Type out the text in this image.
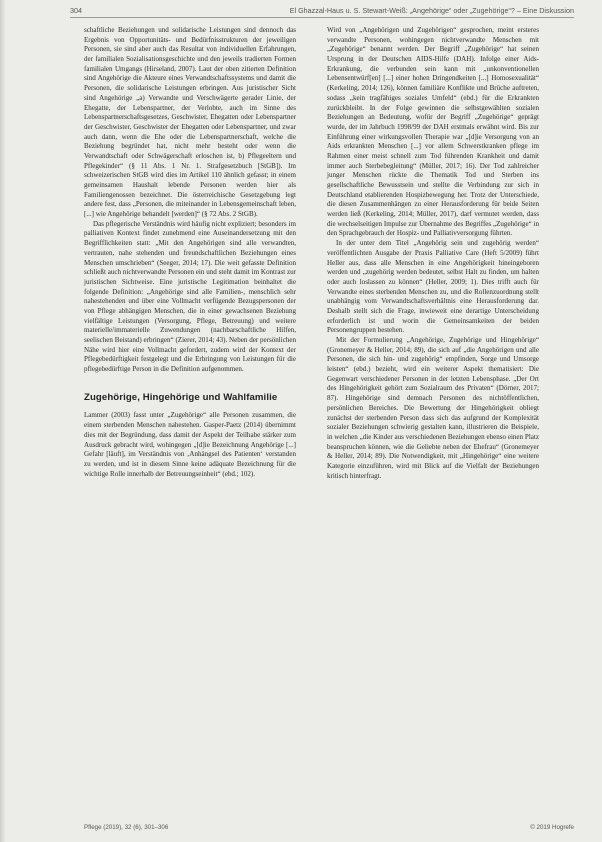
304	El Ghazzal-Haus u. S. Stewart-Weiß: „Angehörige“ oder „Zugehörige“? – Eine Diskussion

schaftliche Beziehungen und solidarische Leistungen sind dennoch das Ergebnis von Opportunitäts- und Bedürfnisstrukturen der jeweiligen Personen, sie sind aber auch das Resultat von individuellen Erfahrungen, der familialen Sozialisationsgeschichte und den jeweils tradierten Formen familialen Umgangs (Hirseland, 2007). Laut der oben zitierten Definition sind Angehörige die Akteure eines Verwandtschaftssystems und damit die Personen, die solidarische Leistungen erbringen. Aus juristischer Sicht sind Angehörige „a) Verwandte und Verschwägerte gerader Linie, der Ehegatte, der Lebenspartner, der Verlobte, auch im Sinne des Lebenspartnerschaftsgesetzes, Geschwister, Ehegatten oder Lebenspartner der Geschwister, Geschwister der Ehegatten oder Lebenspartner, und zwar auch dann, wenn die Ehe oder die Lebenspartnerschaft, welche die Beziehung begründet hat, nicht mehr besteht oder wenn die Verwandtschaft oder Schwägerschaft erloschen ist, b) Pflegeeltern und Pflegekinder“ (§ 11 Abs. 1 Nr. 1. Strafgesetzbuch [StGB]). Im schweizerischen StGB wird dies im Artikel 110 ähnlich gefasst; in einem gemeinsamen Haushalt lebende Personen werden hier als Familiengenossen bezeichnet. Die österreichische Gesetzgebung legt andere fest, dass „Personen, die miteinander in Lebensgemeinschaft leben, [...] wie Angehörige behandelt [werden]“ (§ 72 Abs. 2 StGB).

Das pflegerische Verständnis wird häufig nicht expliziert; besonders im palliativen Kontext findet zunehmend eine Auseinandersetzung mit den Begrifflichkeiten statt: „Mit den Angehörigen sind alle verwandten, vertrauten, nahe stehenden und freundschaftlichen Beziehungen eines Menschen umschrieben“ (Seeger, 2014; 17). Die weit gefasste Definition schließt auch nichtverwandte Personen ein und steht damit im Kontrast zur juristischen Sichtweise. Eine juristische Legitimation beinhaltet die folgende Definition: „Angehörige sind alle Familien-, menschlich sehr nahestehenden und über eine Vollmacht verfügende Bezugspersonen der von Pflege abhängigen Menschen, die in einer gewachsenen Beziehung vielfältige Leistungen (Versorgung, Pflege, Betreuung) und weitere materielle/immaterielle Zuwendungen (nachbarschaftliche Hilfen, seelischen Beistand) erbringen“ (Zierer, 2014; 43). Neben der persönlichen Nähe wird hier eine Vollmacht gefordert, zudem wird der Kontext der Pflegebedürftigkeit festgelegt und die Erbringung von Leistungen für die pflegebedürftige Person in die Definition aufgenommen.

Zugehörige, Hingehörige und Wahlfamilie

Lammer (2003) fasst unter „Zugehörige“ alle Personen zusammen, die einem sterbenden Menschen nahestehen. Gasper-Paetz (2014) übernimmt dies mit der Begründung, dass damit der Aspekt der Teilhabe stärker zum Ausdruck gebracht wird, wohingegen „[d]ie Bezeichnung Angehörige [...] Gefahr [läuft], im Verständnis von ‚Anhängsel des Patienten‘ verstanden zu werden, und ist in diesem Sinne keine adäquate Bezeichnung für die wichtige Rolle innerhalb der Betreuungseinheit“ (ebd.; 102).

Wird von „Angehörigen und Zugehörigen“ gesprochen, meint ersteres verwandte Personen, wohingegen nichtverwandte Menschen mit „Zugehörige“ benannt werden. Der Begriff „Zugehörige“ hat seinen Ursprung in der Deutschen AIDS-Hilfe (DAH). Infolge einer Aids-Erkrankung, die verbunden sein kann mit „unkonventionellen Lebensentwürf[en] [...] einer hohen Dringendkeiten [...] Homosexualität“ (Kerkeling, 2014; 126), können familiäre Konflikte und Brüche auftreten, sodass „kein tragfähiges soziales Umfeld“ (ebd.) für die Erkrankten zurückbleibt. In der Folge gewinnen die selbstgewählten sozialen Beziehungen an Bedeutung, wofür der Begriff „Zugehörige“ geprägt wurde, der im Jahrbuch 1998/99 der DAH erstmals erwähnt wird. Bis zur Einführung einer wirkungsvollen Therapie war „[d]ie Versorgung von an Aids erkrankten Menschen [...] vor allem Schwerstkranken pflege im Rahmen einer meist schnell zum Tod führenden Krankheit und damit immer auch Sterbebegleitung“ (Müller, 2017; 16). Der Tod zahlreicher junger Menschen rückte die Thematik Tod und Sterben ins gesellschaftliche Bewusstsein und stellte die Verbindung zur sich in Deutschland etablierenden Hospizbewegung her. Trotz der Unterschiede, die diesen Zusammenhängen zu einer Herausforderung für beide Seiten werden ließ (Kerkeling, 2014; Müller, 2017), darf vermutet werden, dass die wechselseitigen Impulse zur Übernahme des Begriffes „Zugehörige“ in den Sprachgebrauch der Hospiz- und Palliativversorgung führten.

In der unter dem Titel „Angehörig sein und zugehörig werden“ veröffentlichten Ausgabe der Praxis Palliative Care (Heft 5/2009) führt Heller aus, dass alle Menschen in eine Angehörigkeit hineingeboren werden und „zugehörig werden bedeutet, selbst Halt zu finden, um halten oder auch loslassen zu können“ (Heller, 2009; 1). Dies trifft auch für Verwandte eines sterbenden Menschen zu, und die Rollenzuordnung stellt unabhängig vom Verwandtschaftsverhältnis eine Herausforderung dar. Deshalb stellt sich die Frage, inwieweit eine derartige Unterscheidung erforderlich ist und worin die Gemeinsamkeiten der beiden Personengruppen bestehen.

Mit der Formulierung „Angehörige, Zugehörige und Hingehörige“ (Gronemeyer & Heller, 2014; 89), die sich auf „die Angehörigen und alle Personen, die sich hin- und zugehörig“ empfinden, Sorge und Umsorge leisten“ (ebd.) bezieht, wird ein weiterer Aspekt thematisiert: Die Gegenwart verschiedener Personen in der letzten Lebensphase. „Der Ort des Hingehörigkeit gehört zum Sozialraum des Privaten“ (Dörner, 2017; 87). Hingehörige sind demnach Personen des nichtöffentlichen, persönlichen Bereiches. Die Bewertung der Hingehörigkeit obliegt zunächst der sterbenden Person dass sich das aufgrund der Komplexität sozialer Beziehungen schwierig gestalten kann, illustrieren die Beispiele, in welchen „die Kinder aus verschiedenen Beziehungen ebenso einen Platz beanspruchen können, wie die Geliebte neben der Ehefrau“ (Gronemeyer & Heller, 2014; 89). Die Notwendigkeit, mit „Hingehörige“ eine weitere Kategorie einzuführen, wird mit Blick auf die Vielfalt der Beziehungen kritisch hinterfragt.

Pflege (2019), 32 (6), 301–306	© 2019 Hogrefe
